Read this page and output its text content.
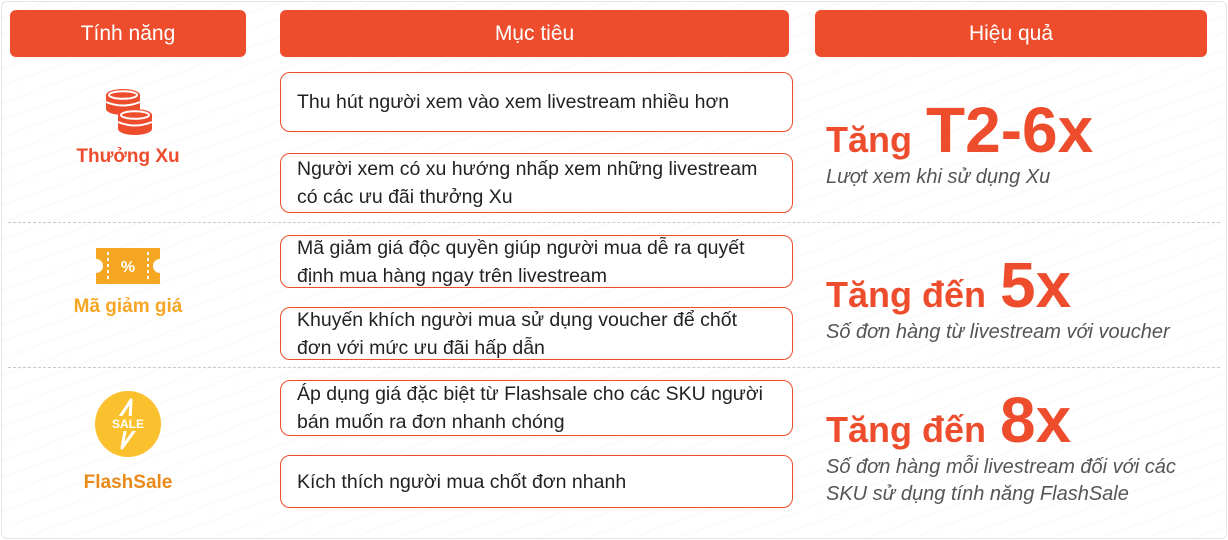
Tính năng	Mục tiêu	Hiệu quả
Thưởng Xu
Thu hút người xem vào xem livestream nhiều hơn
Người xem có xu hướng nhấp xem những livestream có các ưu đãi thưởng Xu
Tăng T2-6x
Lượt xem khi sử dụng Xu
%
Mã giảm giá
Mã giảm giá độc quyền giúp người mua dễ ra quyết định mua hàng ngay trên livestream
Khuyến khích người mua sử dụng voucher để chốt đơn với mức ưu đãi hấp dẫn
Tăng đến 5x
Số đơn hàng từ livestream với voucher
SALE
FlashSale
Áp dụng giá đặc biệt từ Flashsale cho các SKU người bán muốn ra đơn nhanh chóng
Kích thích người mua chốt đơn nhanh
Tăng đến 8x
Số đơn hàng mỗi livestream đối với các SKU sử dụng tính năng FlashSale
